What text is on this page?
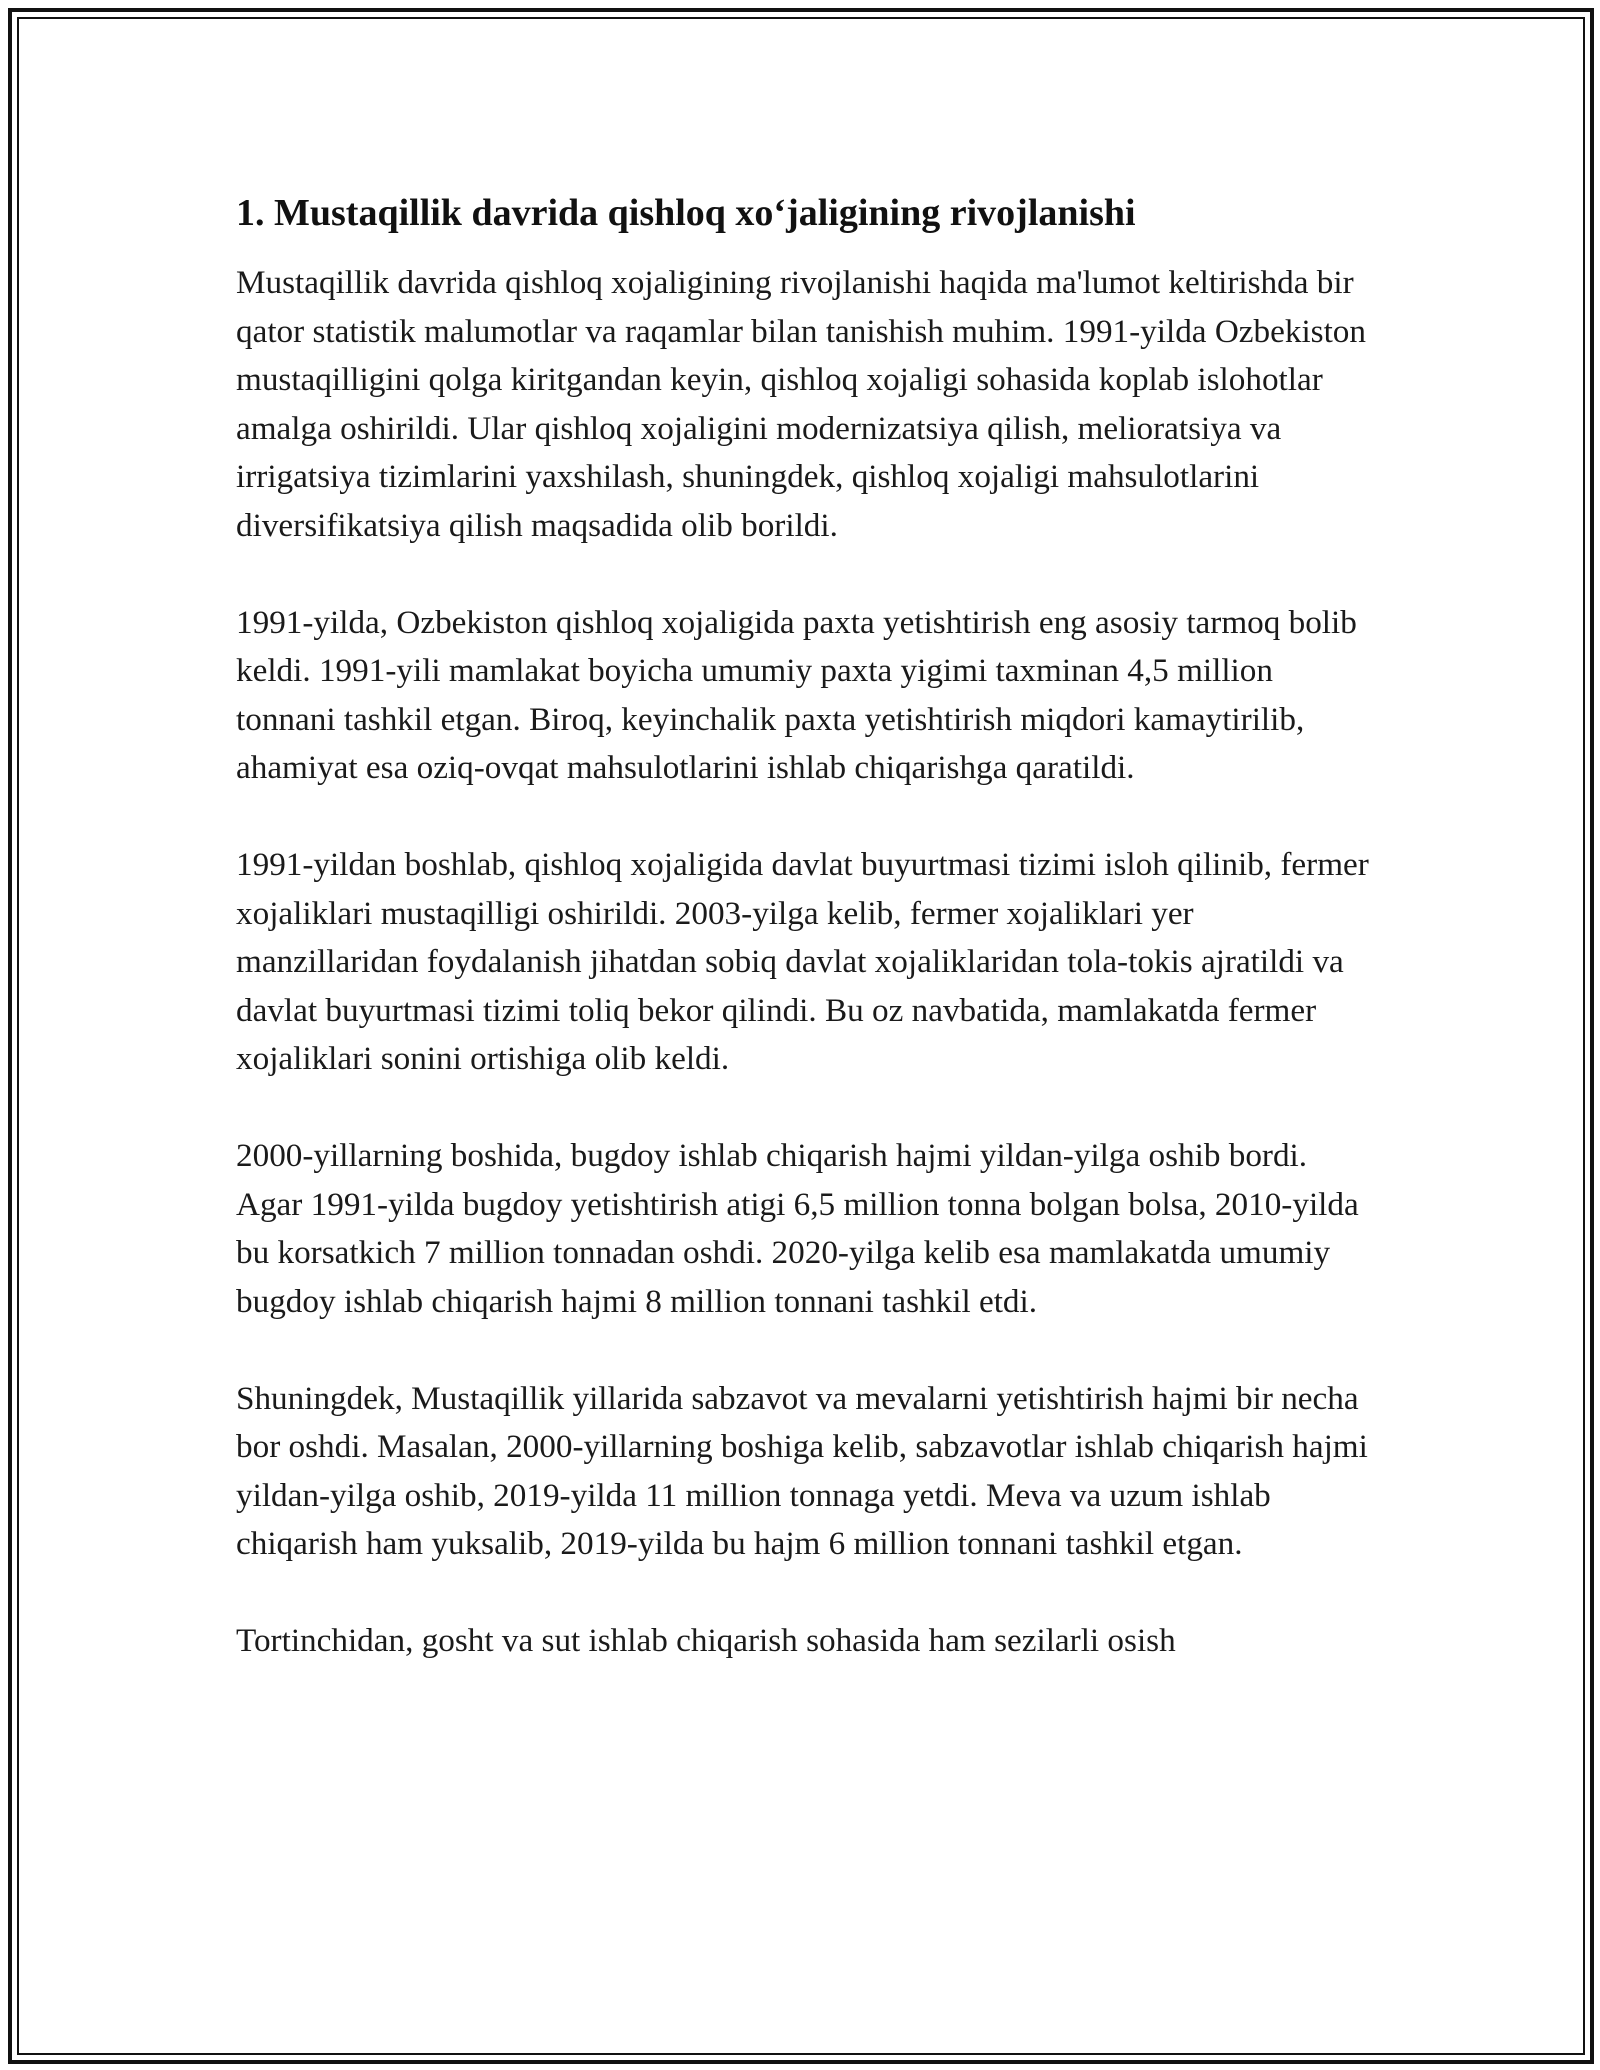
1. Mustaqillik davrida qishloq xo‘jaligining rivojlanishi

Mustaqillik davrida qishloq xojaligining rivojlanishi haqida ma'lumot keltirishda bir qator statistik malumotlar va raqamlar bilan tanishish muhim. 1991-yilda Ozbekiston mustaqilligini qolga kiritgandan keyin, qishloq xojaligi sohasida koplab islohotlar amalga oshirildi. Ular qishloq xojaligini modernizatsiya qilish, melioratsiya va irrigatsiya tizimlarini yaxshilash, shuningdek, qishloq xojaligi mahsulotlarini diversifikatsiya qilish maqsadida olib borildi.

1991-yilda, Ozbekiston qishloq xojaligida paxta yetishtirish eng asosiy tarmoq bolib keldi. 1991-yili mamlakat boyicha umumiy paxta yigimi taxminan 4,5 million tonnani tashkil etgan. Biroq, keyinchalik paxta yetishtirish miqdori kamaytirilib, ahamiyat esa oziq-ovqat mahsulotlarini ishlab chiqarishga qaratildi.

1991-yildan boshlab, qishloq xojaligida davlat buyurtmasi tizimi isloh qilinib, fermer xojaliklari mustaqilligi oshirildi. 2003-yilga kelib, fermer xojaliklari yer manzillaridan foydalanish jihatdan sobiq davlat xojaliklaridan tola-tokis ajratildi va davlat buyurtmasi tizimi toliq bekor qilindi. Bu oz navbatida, mamlakatda fermer xojaliklari sonini ortishiga olib keldi.

2000-yillarning boshida, bugdoy ishlab chiqarish hajmi yildan-yilga oshib bordi. Agar 1991-yilda bugdoy yetishtirish atigi 6,5 million tonna bolgan bolsa, 2010-yilda bu korsatkich 7 million tonnadan oshdi. 2020-yilga kelib esa mamlakatda umumiy bugdoy ishlab chiqarish hajmi 8 million tonnani tashkil etdi.

Shuningdek, Mustaqillik yillarida sabzavot va mevalarni yetishtirish hajmi bir necha bor oshdi. Masalan, 2000-yillarning boshiga kelib, sabzavotlar ishlab chiqarish hajmi yildan-yilga oshib, 2019-yilda 11 million tonnaga yetdi. Meva va uzum ishlab chiqarish ham yuksalib, 2019-yilda bu hajm 6 million tonnani tashkil etgan.

Tortinchidan, gosht va sut ishlab chiqarish sohasida ham sezilarli osish
